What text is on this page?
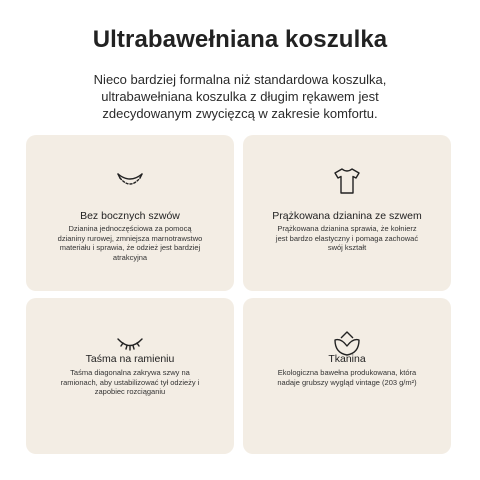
Ultrabawełniana koszulka
Nieco bardziej formalna niż standardowa koszulka, ultrabawełniana koszulka z długim rękawem jest zdecydowanym zwycięzcą w zakresie komfortu.
Bez bocznych szwów
Dzianina jednoczęściowa za pomocą dzianiny rurowej, zmniejsza marnotrawstwo materiału i sprawia, że odzież jest bardziej atrakcyjna
Prążkowana dzianina ze szwem
Prążkowana dzianina sprawia, że kołnierz jest bardzo elastyczny i pomaga zachować swój kształt
Taśma na ramieniu
Taśma diagonalna zakrywa szwy na ramionach, aby ustabilizować tył odzieży i zapobiec rozciąganiu
Tkanina
Ekologiczna bawełna produkowana, która nadaje grubszy wygląd vintage (203 g/m²)
